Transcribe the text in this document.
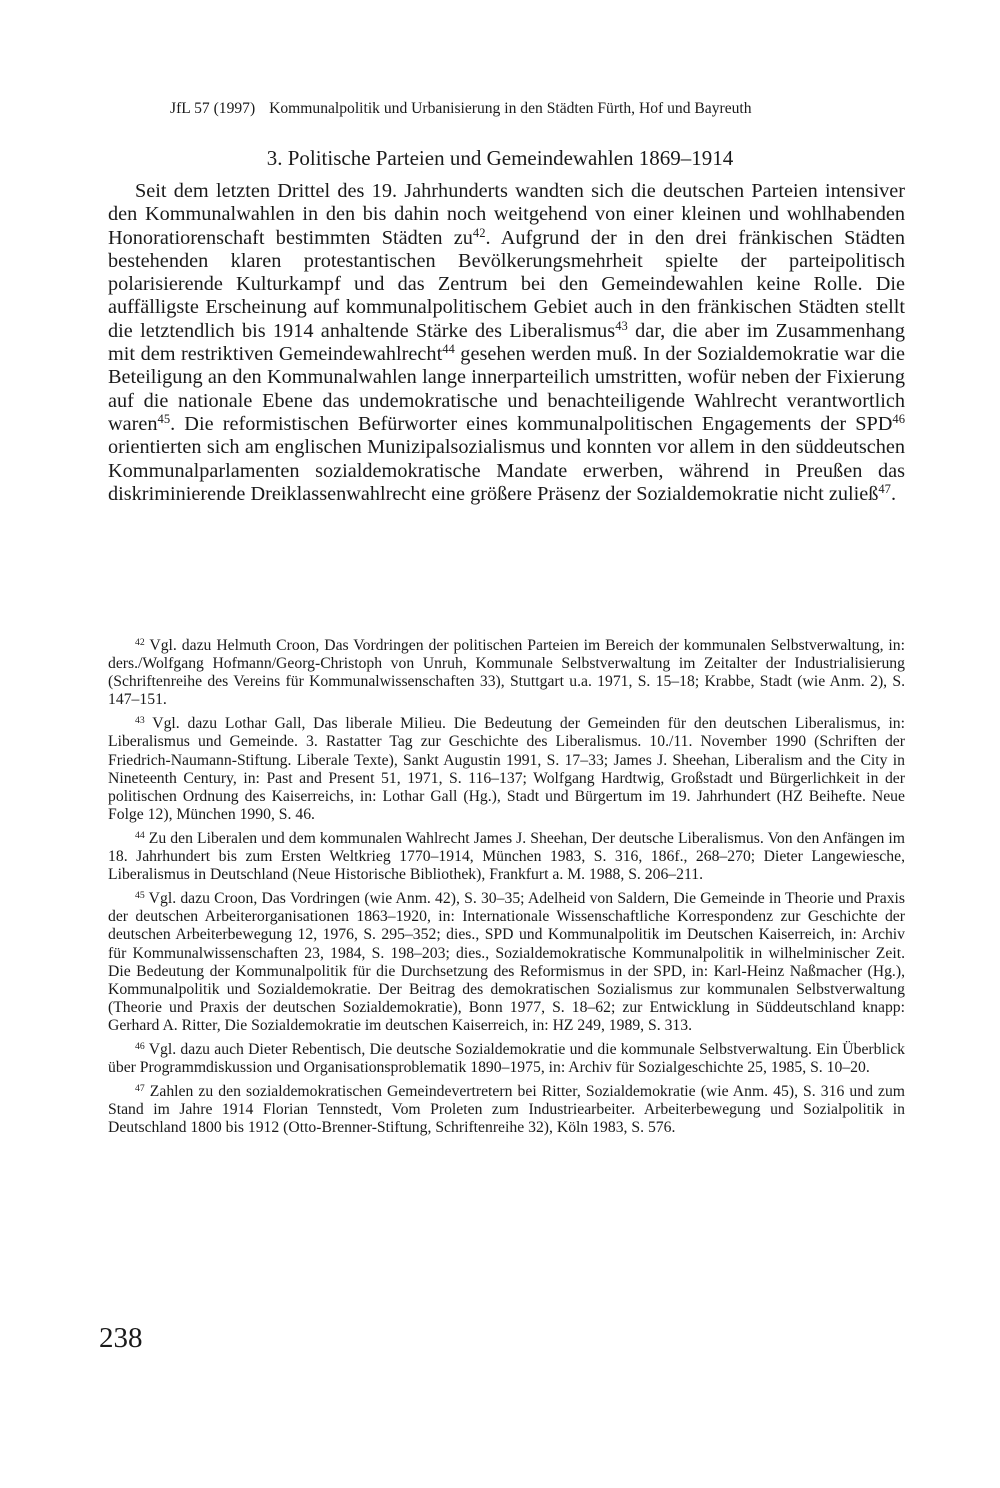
JfL 57 (1997) Kommunalpolitik und Urbanisierung in den Städten Fürth, Hof und Bayreuth
3. Politische Parteien und Gemeindewahlen 1869–1914

Seit dem letzten Drittel des 19. Jahrhunderts wandten sich die deutschen Parteien intensiver den Kommunalwahlen in den bis dahin noch weitgehend von einer kleinen und wohlhabenden Honoratiorenschaft bestimmten Städten $zu^{42}$. Aufgrund der in den drei fränkischen Städten bestehenden klaren protestantischen Bevölkerungsmehrheit spielte der parteipolitisch polarisierende Kulturkampf und das Zentrum bei den Gemeindewahlen keine Rolle. Die auffälligste Erscheinung auf kommunalpolitischem Gebiet auch in den fränkischen Städten stellt die letztendlich bis 1914 anhaltende Stärke des Liberalismus$^{43}$ dar, die aber im Zusammenhang mit dem restriktiven Gemeindewahlrecht$^{44}$ gesehen werden muß. In der Sozialdemokratie war die Beteiligung an den Kommunalwahlen lange innerparteilich umstritten, wofür neben der Fixierung auf die nationale Ebene das undemokratische und benachteiligende Wahlrecht verantwortlich waren$^{45}$. Die reformistischen Befürworter eines kommunalpolitischen Engagements der SPD$^{46}$ orientierten sich am englischen Munizipalsozialismus und konnten vor allem in den süddeutschen Kommunalparlamenten sozialdemokratische Mandate erwerben, während in Preußen das diskriminierende Dreiklassenwahlrecht eine größere Präsenz der Sozialdemokratie nicht zuließ$^{47}$.

$^{42}$ Vgl. dazu Helmuth Croon, Das Vordringen der politischen Parteien im Bereich der kommunalen Selbstverwaltung, in: ders./Wolfgang Hofmann/Georg-Christoph von Unruh, Kommunale Selbstverwaltung im Zeitalter der Industrialisierung (Schriftenreihe des Vereins für Kommunalwissenschaften 33), Stuttgart u.a. 1971, S. 15–18; Krabbe, Stadt (wie Anm. 2), S. 147–151.

$^{43}$ Vgl. dazu Lothar Gall, Das liberale Milieu. Die Bedeutung der Gemeinden für den deutschen Liberalismus, in: Liberalismus und Gemeinde. 3. Rastatter Tag zur Geschichte des Liberalismus. 10./11. November 1990 (Schriften der Friedrich-Naumann-Stiftung. Liberale Texte), Sankt Augustin 1991, S. 17–33; James J. Sheehan, Liberalism and the City in Nineteenth Century, in: Past and Present 51, 1971, S. 116–137; Wolfgang Hardtwig, Großstadt und Bürgerlichkeit in der politischen Ordnung des Kaiserreichs, in: Lothar Gall (Hg.), Stadt und Bürgertum im 19. Jahrhundert (HZ Beihefte. Neue Folge 12), München 1990, S. 46.

$^{44}$ Zu den Liberalen und dem kommunalen Wahlrecht James J. Sheehan, Der deutsche Liberalismus. Von den Anfängen im 18. Jahrhundert bis zum Ersten Weltkrieg 1770–1914, München 1983, S. 316, 186f., 268–270; Dieter Langewiesche, Liberalismus in Deutschland (Neue Historische Bibliothek), Frankfurt a. M. 1988, S. 206–211.

$^{45}$ Vgl. dazu Croon, Das Vordringen (wie Anm. 42), S. 30–35; Adelheid von Saldern, Die Gemeinde in Theorie und Praxis der deutschen Arbeiterorganisationen 1863–1920, in: Internationale Wissenschaftliche Korrespondenz zur Geschichte der deutschen Arbeiterbewegung 12, 1976, S. 295–352; dies., SPD und Kommunalpolitik im Deutschen Kaiserreich, in: Archiv für Kommunalwissenschaften 23, 1984, S. 198–203; dies., Sozialdemokratische Kommunalpolitik in wilhelminischer Zeit. Die Bedeutung der Kommunalpolitik für die Durchsetzung des Reformismus in der SPD, in: Karl-Heinz Naßmacher (Hg.), Kommunalpolitik und Sozialdemokratie. Der Beitrag des demokratischen Sozialismus zur kommunalen Selbstverwaltung (Theorie und Praxis der deutschen Sozialdemokratie), Bonn 1977, S. 18–62; zur Entwicklung in Süddeutschland knapp: Gerhard A. Ritter, Die Sozialdemokratie im deutschen Kaiserreich, in: HZ 249, 1989, S. 313.

$^{46}$ Vgl. dazu auch Dieter Rebentisch, Die deutsche Sozialdemokratie und die kommunale Selbstverwaltung. Ein Überblick über Programmdiskussion und Organisationsproblematik 1890–1975, in: Archiv für Sozialgeschichte 25, 1985, S. 10–20.

$^{47}$ Zahlen zu den sozialdemokratischen Gemeindevertretern bei Ritter, Sozialdemokratie (wie Anm. 45), S. 316 und zum Stand im Jahre 1914 Florian Tennstedt, Vom Proleten zum Industriearbeiter. Arbeiterbewegung und Sozialpolitik in Deutschland 1800 bis 1912 (Otto-Brenner-Stiftung, Schriftenreihe 32), Köln 1983, S. 576.

238
